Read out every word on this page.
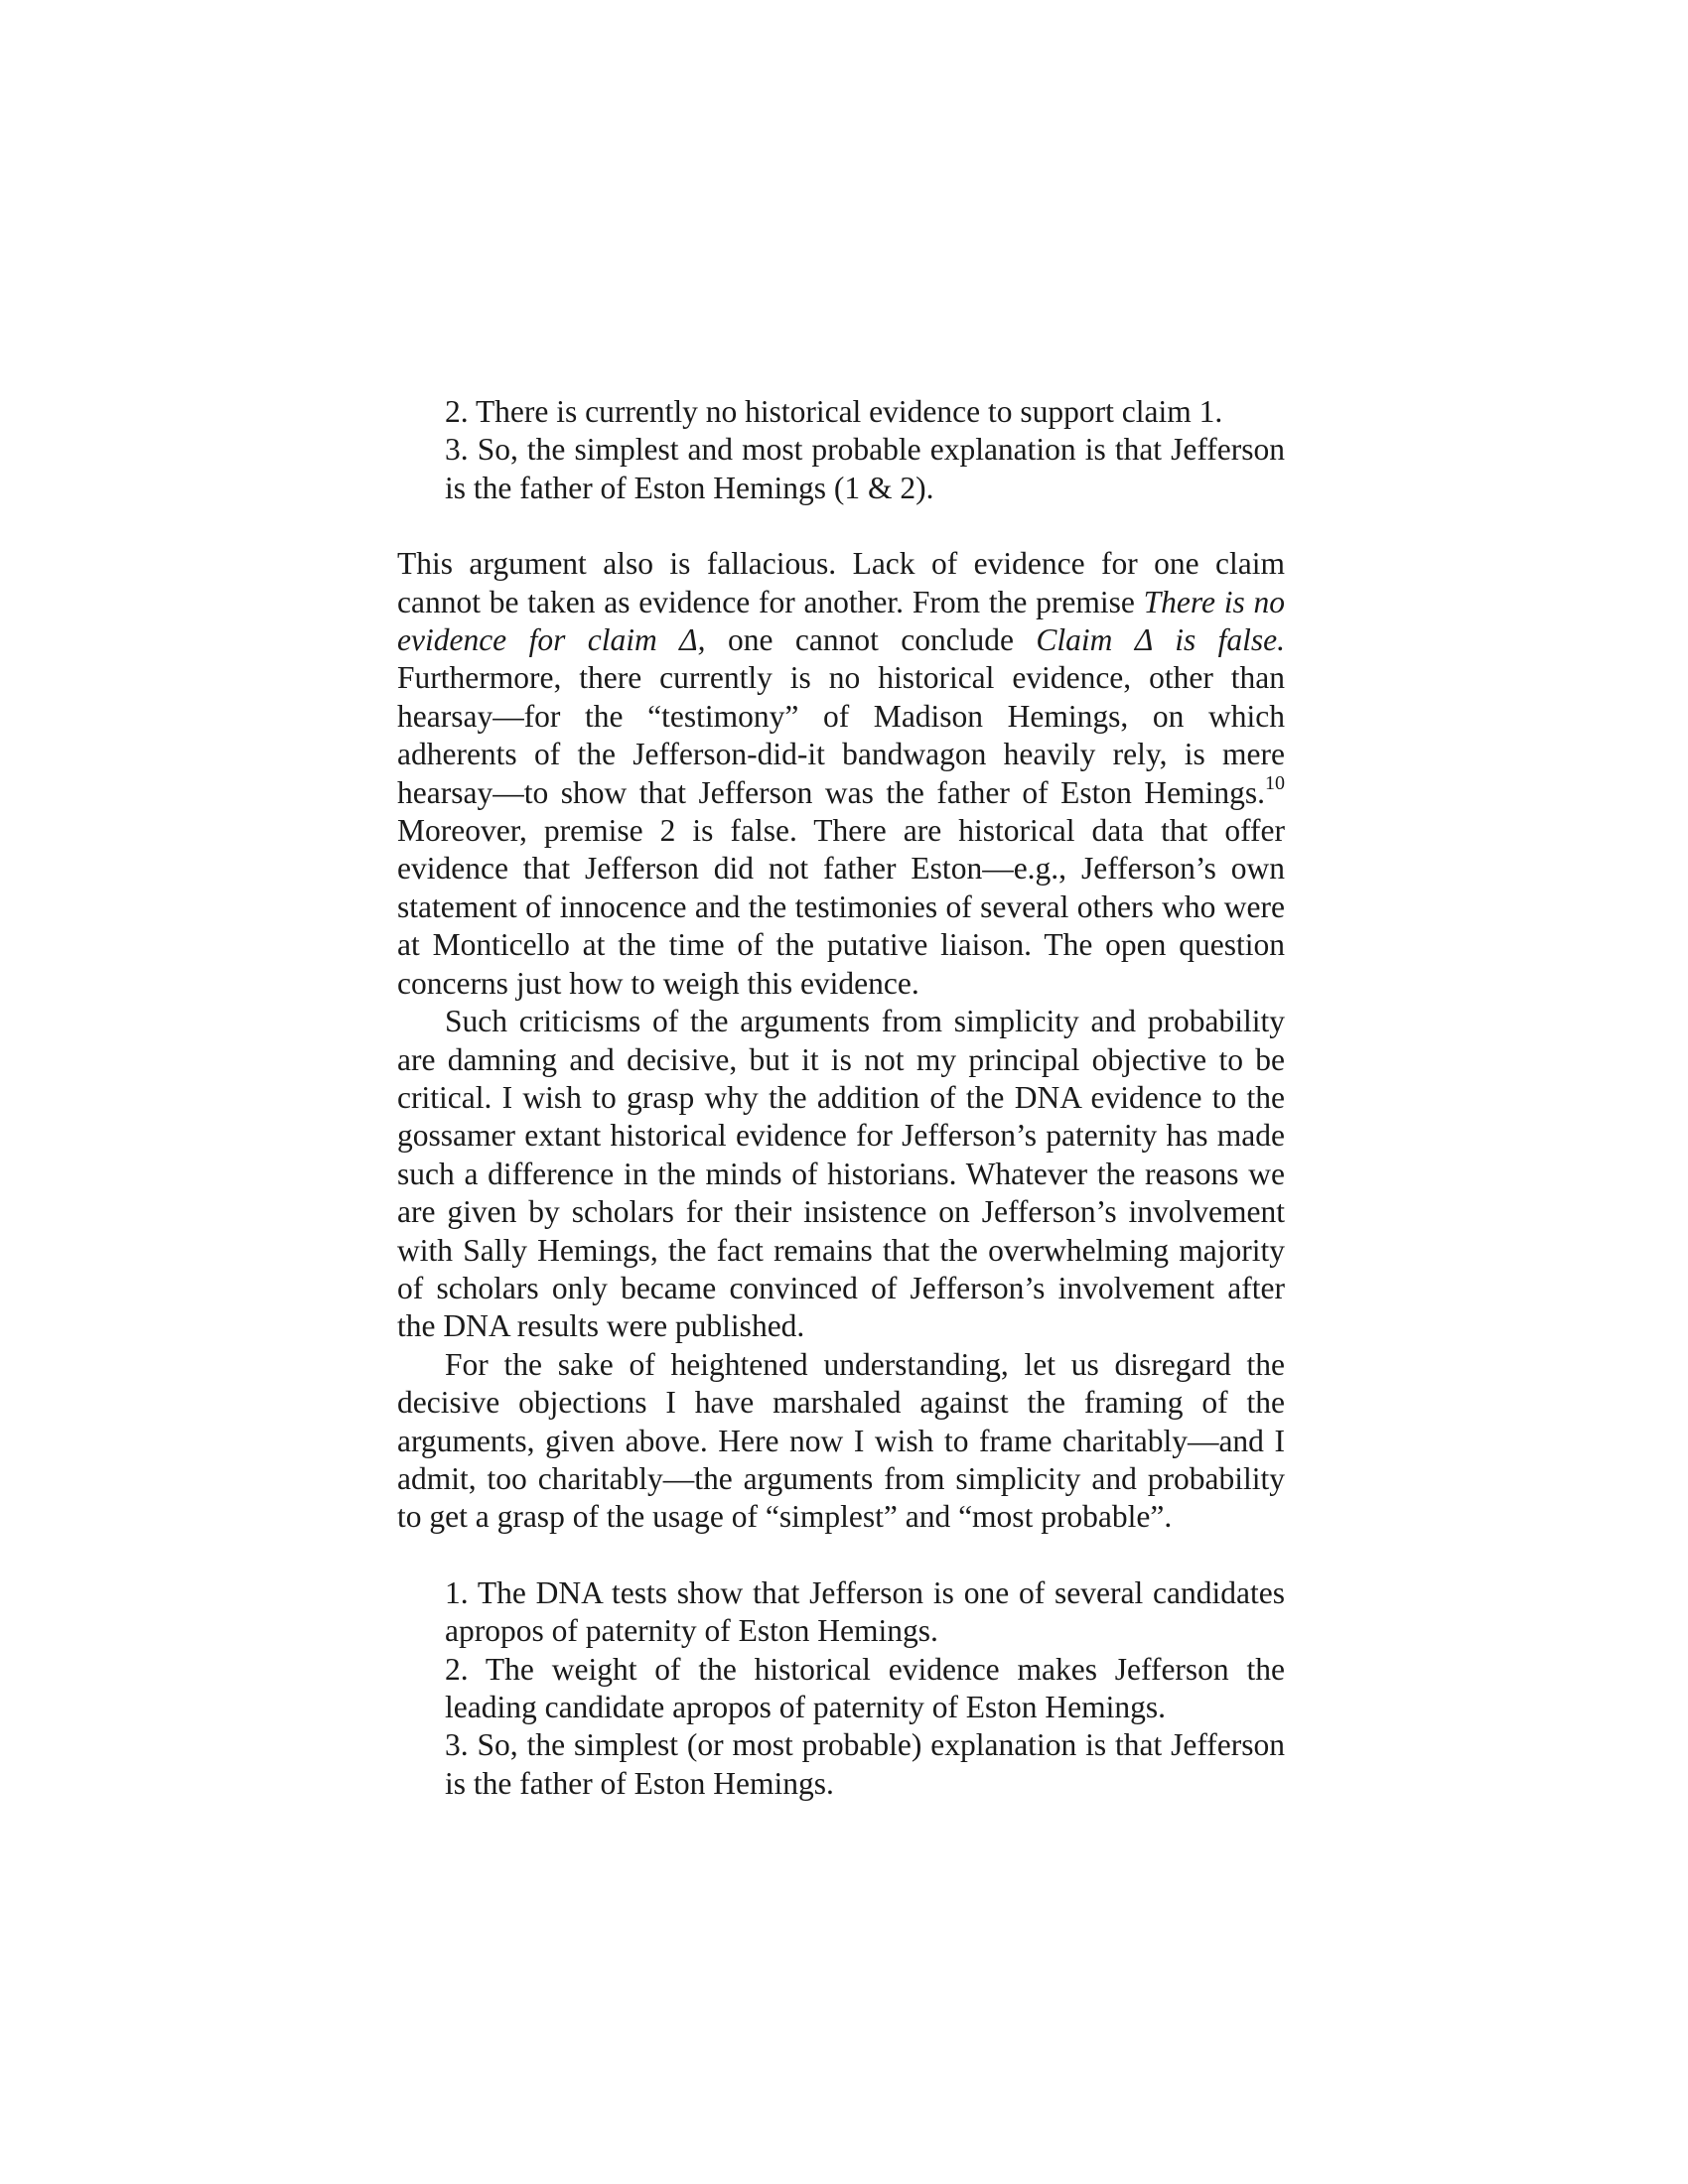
2. There is currently no historical evidence to support claim 1.

3. So, the simplest and most probable explanation is that Jefferson is the father of Eston Hemings (1 & 2).

This argument also is fallacious. Lack of evidence for one claim cannot be taken as evidence for another. From the premise There is no evidence for claim Δ, one cannot conclude Claim Δ is false. Furthermore, there currently is no historical evidence, other than hearsay—for the “testimony” of Madison Hemings, on which adherents of the Jefferson-did-it bandwagon heavily rely, is mere hearsay—to show that Jefferson was the father of Eston Hemings.$^{10}$ Moreover, premise 2 is false. There are historical data that offer evidence that Jefferson did not father Eston—e.g., Jefferson’s own statement of innocence and the testimonies of several others who were at Monticello at the time of the putative liaison. The open question concerns just how to weigh this evidence.

Such criticisms of the arguments from simplicity and probability are damning and decisive, but it is not my principal objective to be critical. I wish to grasp why the addition of the DNA evidence to the gossamer extant historical evidence for Jefferson’s paternity has made such a difference in the minds of historians. Whatever the reasons we are given by scholars for their insistence on Jefferson’s involvement with Sally Hemings, the fact remains that the overwhelming majority of scholars only became convinced of Jefferson’s involvement after the DNA results were published.

For the sake of heightened understanding, let us disregard the decisive objections I have marshaled against the framing of the arguments, given above. Here now I wish to frame charitably—and I admit, too charitably—the arguments from simplicity and probability to get a grasp of the usage of “simplest” and “most probable”.

1. The DNA tests show that Jefferson is one of several candidates apropos of paternity of Eston Hemings.

2. The weight of the historical evidence makes Jefferson the leading candidate apropos of paternity of Eston Hemings.

3. So, the simplest (or most probable) explanation is that Jefferson is the father of Eston Hemings.
